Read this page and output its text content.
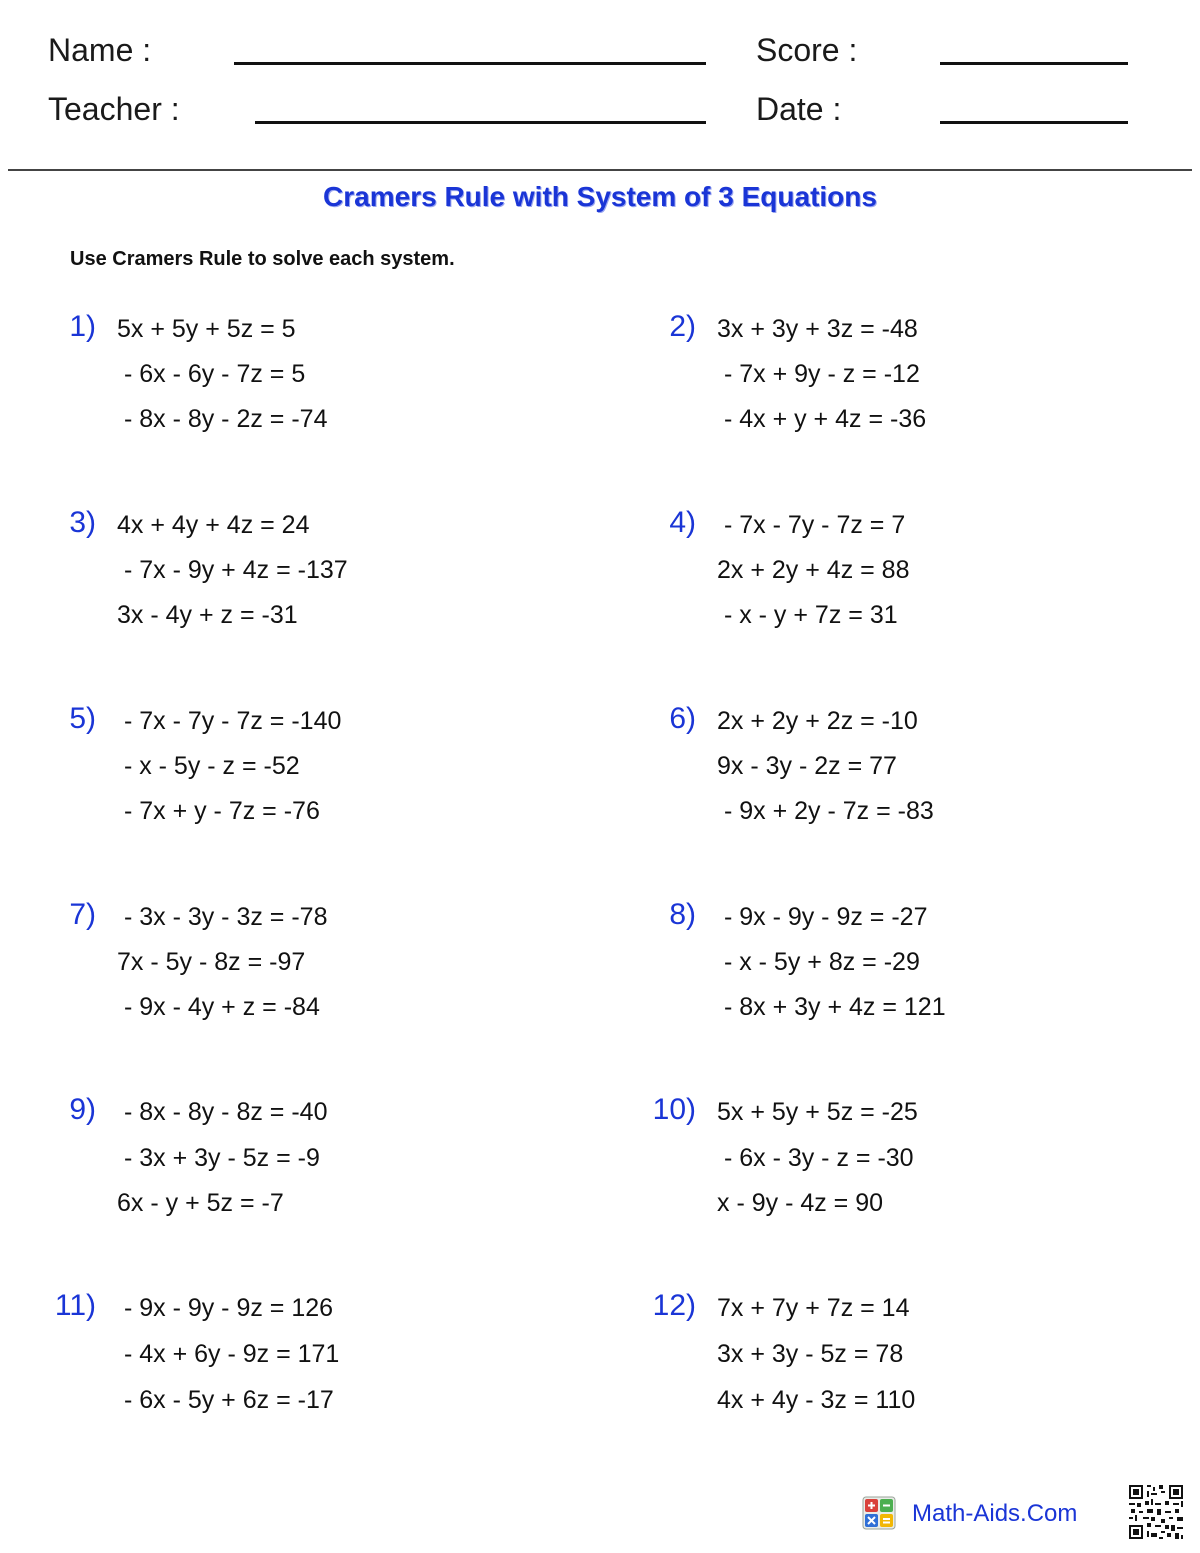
Name :
Teacher :
Score :
Date :
Cramers Rule with System of 3 Equations
Use Cramers Rule to solve each system.
1) 5x + 5y + 5z = 5
- 6x - 6y - 7z = 5
- 8x - 8y - 2z = -74
2) 3x + 3y + 3z = -48
- 7x + 9y - z = -12
- 4x + y + 4z = -36
3) 4x + 4y + 4z = 24
- 7x - 9y + 4z = -137
3x - 4y + z = -31
4) - 7x - 7y - 7z = 7
2x + 2y + 4z = 88
- x - y + 7z = 31
5) - 7x - 7y - 7z = -140
- x - 5y - z = -52
- 7x + y - 7z = -76
6) 2x + 2y + 2z = -10
9x - 3y - 2z = 77
- 9x + 2y - 7z = -83
7) - 3x - 3y - 3z = -78
7x - 5y - 8z = -97
- 9x - 4y + z = -84
8) - 9x - 9y - 9z = -27
- x - 5y + 8z = -29
- 8x + 3y + 4z = 121
9) - 8x - 8y - 8z = -40
- 3x + 3y - 5z = -9
6x - y + 5z = -7
10) 5x + 5y + 5z = -25
- 6x - 3y - z = -30
x - 9y - 4z = 90
11) - 9x - 9y - 9z = 126
- 4x + 6y - 9z = 171
- 6x - 5y + 6z = -17
12) 7x + 7y + 7z = 14
3x + 3y - 5z = 78
4x + 4y - 3z = 110
Math-Aids.Com
